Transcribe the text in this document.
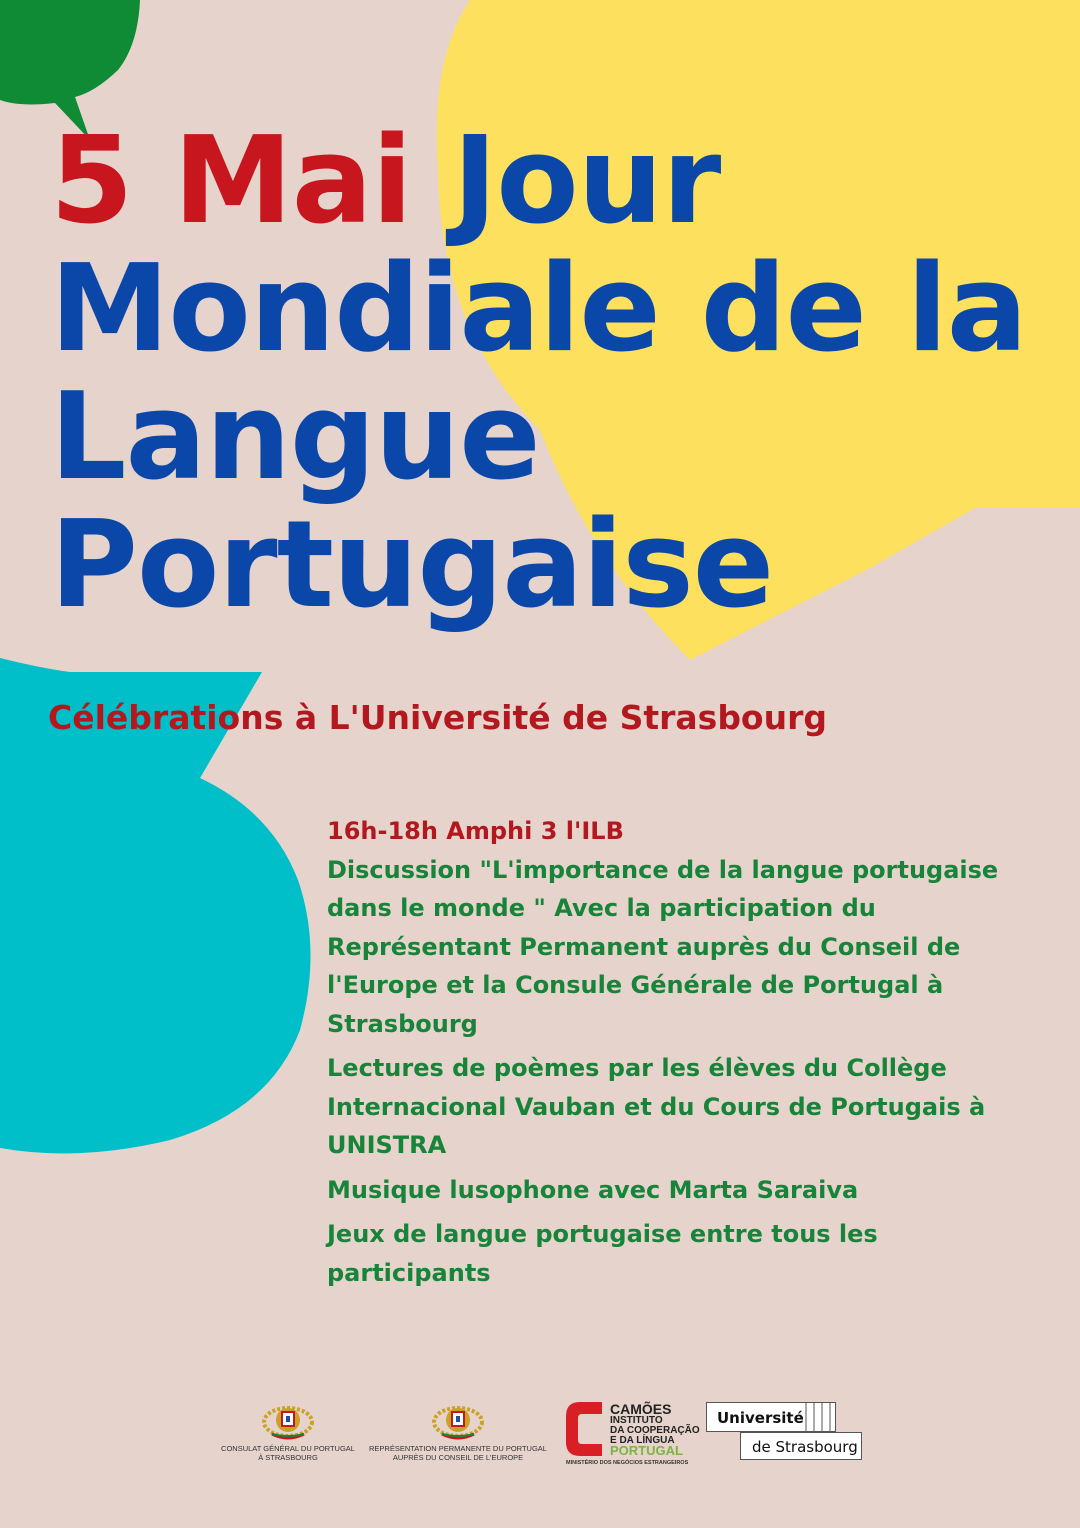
5 Mai Jour
Mondiale de la
Langue
Portugaise
Célébrations à L'Université de Strasbourg

16h-18h Amphi 3 l'ILB

Discussion "L'importance de la langue portugaise dans le monde " Avec la participation du Représentant Permanent auprès du Conseil de l'Europe et la Consule Générale de Portugal à Strasbourg

Lectures de poèmes par les élèves du Collège Internacional Vauban et du Cours de Portugais à UNISTRA

Musique lusophone avec Marta Saraiva

Jeux de langue portugaise entre tous les participants

CONSULAT GÉNÉRAL DU PORTUGAL À STRASBOURG
REPRÉSENTATION PERMANENTE DU PORTUGAL AUPRÈS DU CONSEIL DE L'EUROPE
CAMÕES
INSTITUTO
DA COOPERAÇÃO
E DA LÍNGUA
PORTUGAL
MINISTÉRIO DOS NEGÓCIOS ESTRANGEIROS
Université
de Strasbourg
